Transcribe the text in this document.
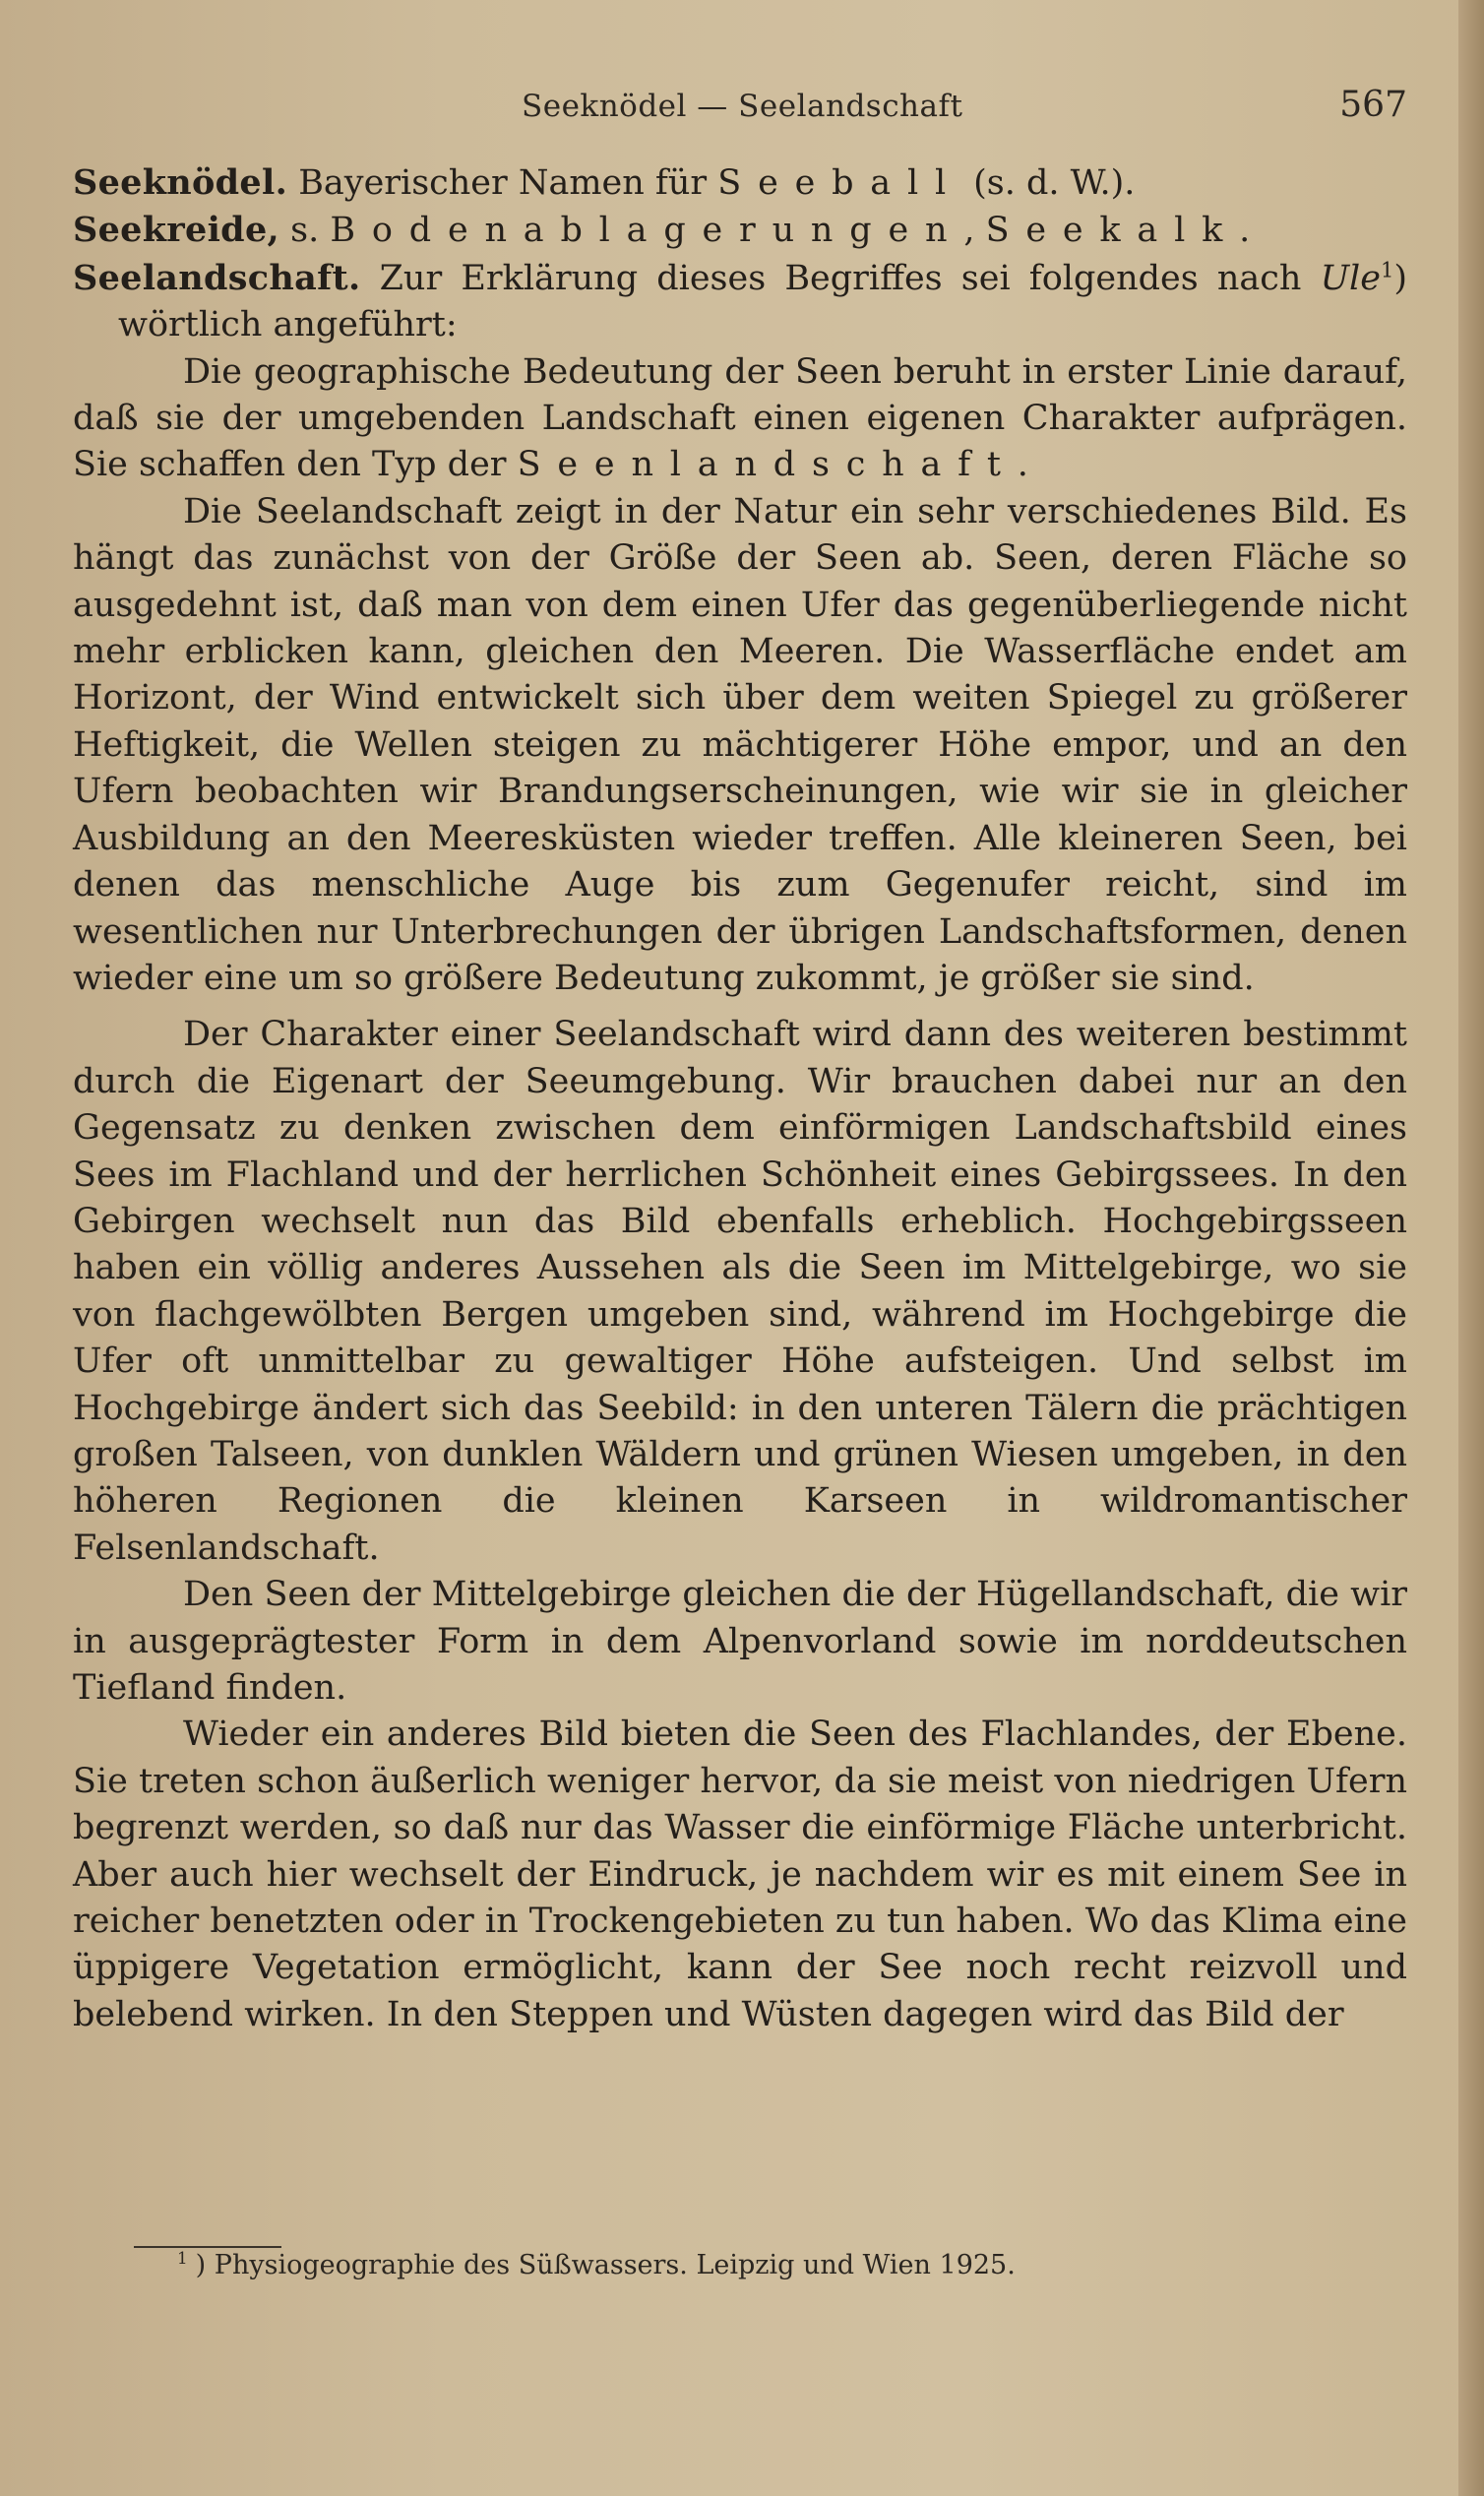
Seeknödel — Seelandschaft	567

Seeknödel. Bayerischer Namen für Seeball (s. d. W.).

Seekreide, s. Bodenablagerungen, Seekalk.

Seelandschaft. Zur Erklärung dieses Begriffes sei folgendes nach Ule$^1$) wörtlich angeführt:

Die geographische Bedeutung der Seen beruht in erster Linie darauf, daß sie der umgebenden Landschaft einen eigenen Charakter aufprägen. Sie schaffen den Typ der Seenlandschaft.

Die Seelandschaft zeigt in der Natur ein sehr verschiedenes Bild. Es hängt das zunächst von der Größe der Seen ab. Seen, deren Fläche so ausgedehnt ist, daß man von dem einen Ufer das gegenüberliegende nicht mehr erblicken kann, gleichen den Meeren. Die Wasserfläche endet am Horizont, der Wind entwickelt sich über dem weiten Spiegel zu größerer Heftigkeit, die Wellen steigen zu mächtigerer Höhe empor, und an den Ufern beobachten wir Brandungserscheinungen, wie wir sie in gleicher Ausbildung an den Meeresküsten wieder treffen. Alle kleineren Seen, bei denen das menschliche Auge bis zum Gegenufer reicht, sind im wesentlichen nur Unterbrechungen der übrigen Landschaftsformen, denen wieder eine um so größere Bedeutung zukommt, je größer sie sind.

Der Charakter einer Seelandschaft wird dann des weiteren bestimmt durch die Eigenart der Seeumgebung. Wir brauchen dabei nur an den Gegensatz zu denken zwischen dem einförmigen Landschaftsbild eines Sees im Flachland und der herrlichen Schönheit eines Gebirgssees. In den Gebirgen wechselt nun das Bild ebenfalls erheblich. Hochgebirgsseen haben ein völlig anderes Aussehen als die Seen im Mittelgebirge, wo sie von flachgewölbten Bergen umgeben sind, während im Hochgebirge die Ufer oft unmittelbar zu gewaltiger Höhe aufsteigen. Und selbst im Hochgebirge ändert sich das Seebild: in den unteren Tälern die prächtigen großen Talseen, von dunklen Wäldern und grünen Wiesen umgeben, in den höheren Regionen die kleinen Karseen in wildromantischer Felsenlandschaft.

Den Seen der Mittelgebirge gleichen die der Hügellandschaft, die wir in ausgeprägtester Form in dem Alpenvorland sowie im norddeutschen Tiefland finden.

Wieder ein anderes Bild bieten die Seen des Flachlandes, der Ebene. Sie treten schon äußerlich weniger hervor, da sie meist von niedrigen Ufern begrenzt werden, so daß nur das Wasser die einförmige Fläche unterbricht. Aber auch hier wechselt der Eindruck, je nachdem wir es mit einem See in reicher benetzten oder in Trockengebieten zu tun haben. Wo das Klima eine üppigere Vegetation ermöglicht, kann der See noch recht reizvoll und belebend wirken. In den Steppen und Wüsten dagegen wird das Bild der

$^1$ ) Physiogeographie des Süßwassers. Leipzig und Wien 1925.
